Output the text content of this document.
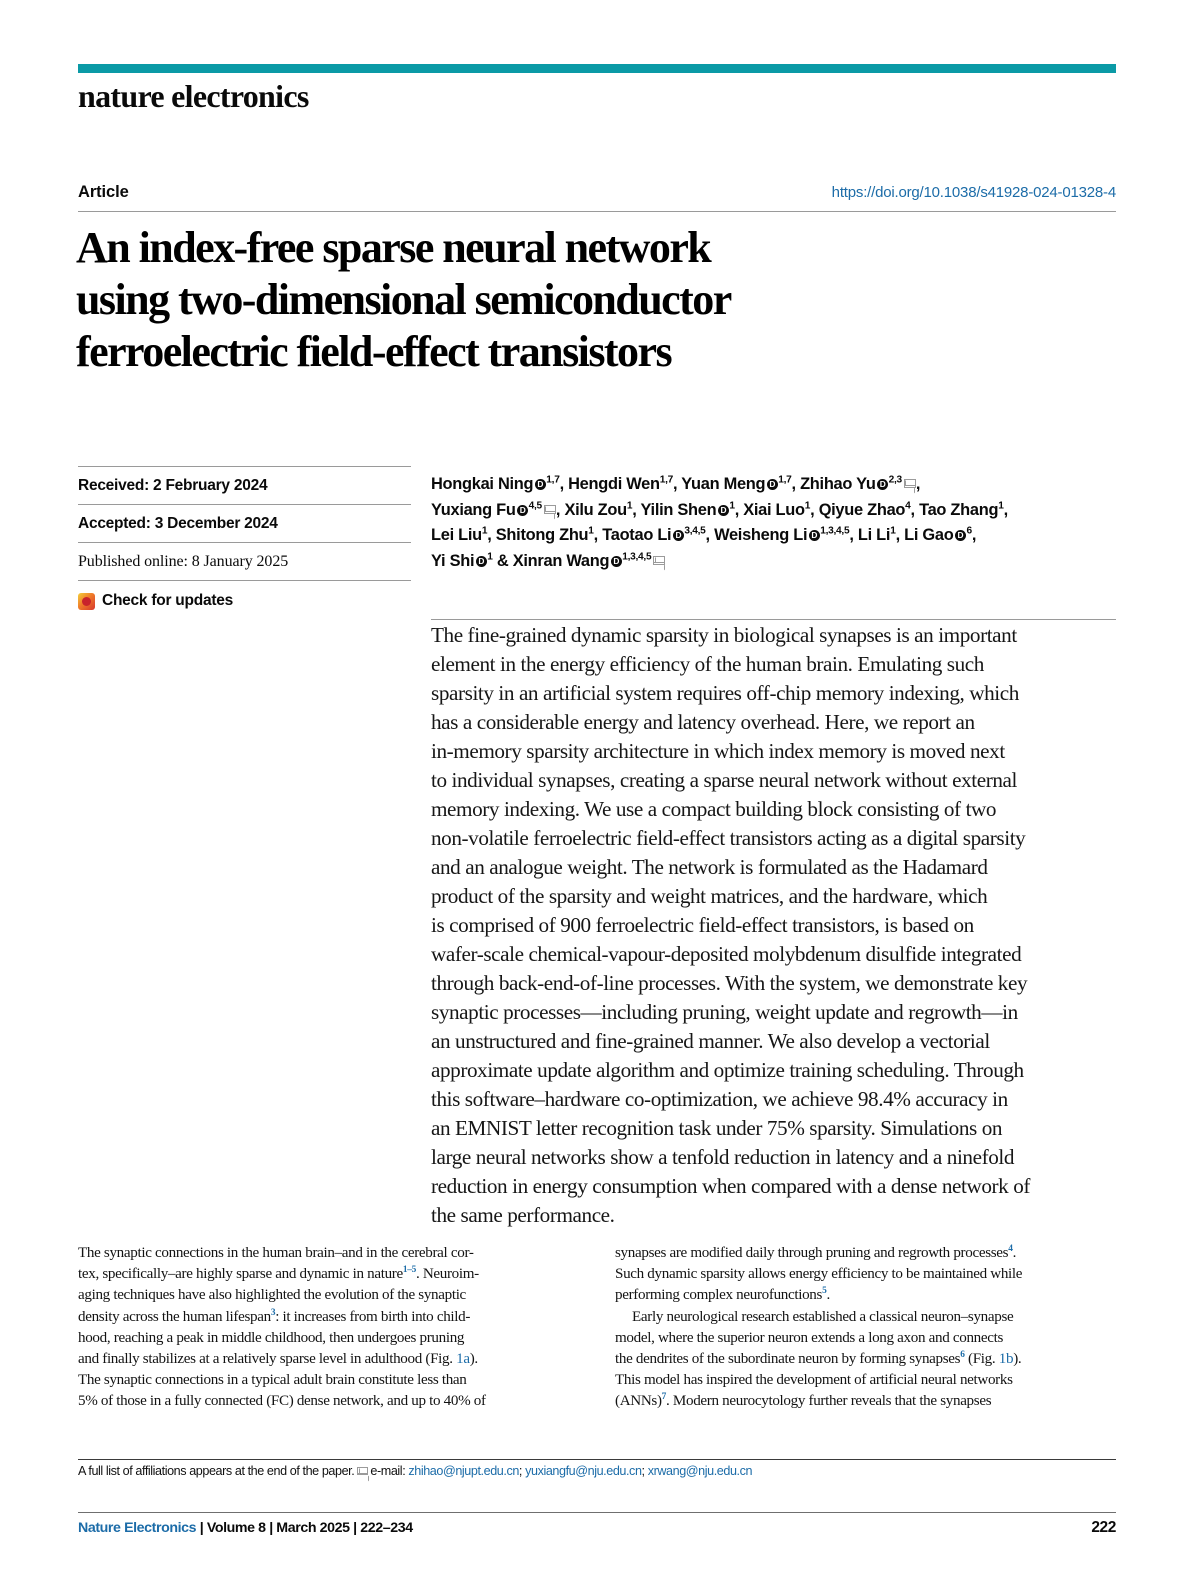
nature electronics
Article	https://doi.org/10.1038/s41928-024-01328-4
An index-free sparse neural network
using two-dimensional semiconductor
ferroelectric field-effect transistors
Received: 2 February 2024
Accepted: 3 December 2024
Published online: 8 January 2025
Check for updates
Hongkai Ning D $^{1,7}$, Hengdi Wen$^{1,7}$, Yuan Meng D $^{1,7}$, Zhihao Yu D $^{2,3}$ ,
Yuxiang Fu D $^{4,5}$ , Xilu Zou$^1$, Yilin Shen D $^1$, Xiai Luo$^1$, Qiyue Zhao$^4$, Tao Zhang$^1$,
Lei Liu$^1$, Shitong Zhu$^1$, Taotao Li D $^{3,4,5}$, Weisheng Li D $^{1,3,4,5}$, Li Li$^1$, Li Gao D $^6$,
Yi Shi D $^1$ & Xinran Wang D $^{1,3,4,5}$
The fine-grained dynamic sparsity in biological synapses is an important
element in the energy efficiency of the human brain. Emulating such
sparsity in an artificial system requires off-chip memory indexing, which
has a considerable energy and latency overhead. Here, we report an
in-memory sparsity architecture in which index memory is moved next
to individual synapses, creating a sparse neural network without external
memory indexing. We use a compact building block consisting of two
non-volatile ferroelectric field-effect transistors acting as a digital sparsity
and an analogue weight. The network is formulated as the Hadamard
product of the sparsity and weight matrices, and the hardware, which
is comprised of 900 ferroelectric field-effect transistors, is based on
wafer-scale chemical-vapour-deposited molybdenum disulfide integrated
through back-end-of-line processes. With the system, we demonstrate key
synaptic processes—including pruning, weight update and regrowth—in
an unstructured and fine-grained manner. We also develop a vectorial
approximate update algorithm and optimize training scheduling. Through
this software–hardware co-optimization, we achieve 98.4% accuracy in
an EMNIST letter recognition task under 75% sparsity. Simulations on
large neural networks show a tenfold reduction in latency and a ninefold
reduction in energy consumption when compared with a dense network of
the same performance.

The synaptic connections in the human brain–and in the cerebral cor-
tex, specifically–are highly sparse and dynamic in nature$^{1-5}$. Neuroim-
aging techniques have also highlighted the evolution of the synaptic
density across the human lifespan$^3$: it increases from birth into child-
hood, reaching a peak in middle childhood, then undergoes pruning
and finally stabilizes at a relatively sparse level in adulthood (Fig. 1a).
The synaptic connections in a typical adult brain constitute less than
5% of those in a fully connected (FC) dense network, and up to 40% of

synapses are modified daily through pruning and regrowth processes$^4$.
Such dynamic sparsity allows energy efficiency to be maintained while
performing complex neurofunctions$^5$.
Early neurological research established a classical neuron–synapse
model, where the superior neuron extends a long axon and connects
the dendrites of the subordinate neuron by forming synapses$^6$ (Fig. 1b).
This model has inspired the development of artificial neural networks
(ANNs)$^7$. Modern neurocytology further reveals that the synapses

A full list of affiliations appears at the end of the paper. e-mail: zhihao@njupt.edu.cn; yuxiangfu@nju.edu.cn; xrwang@nju.edu.cn
Nature Electronics | Volume 8 | March 2025 | 222–234	222
